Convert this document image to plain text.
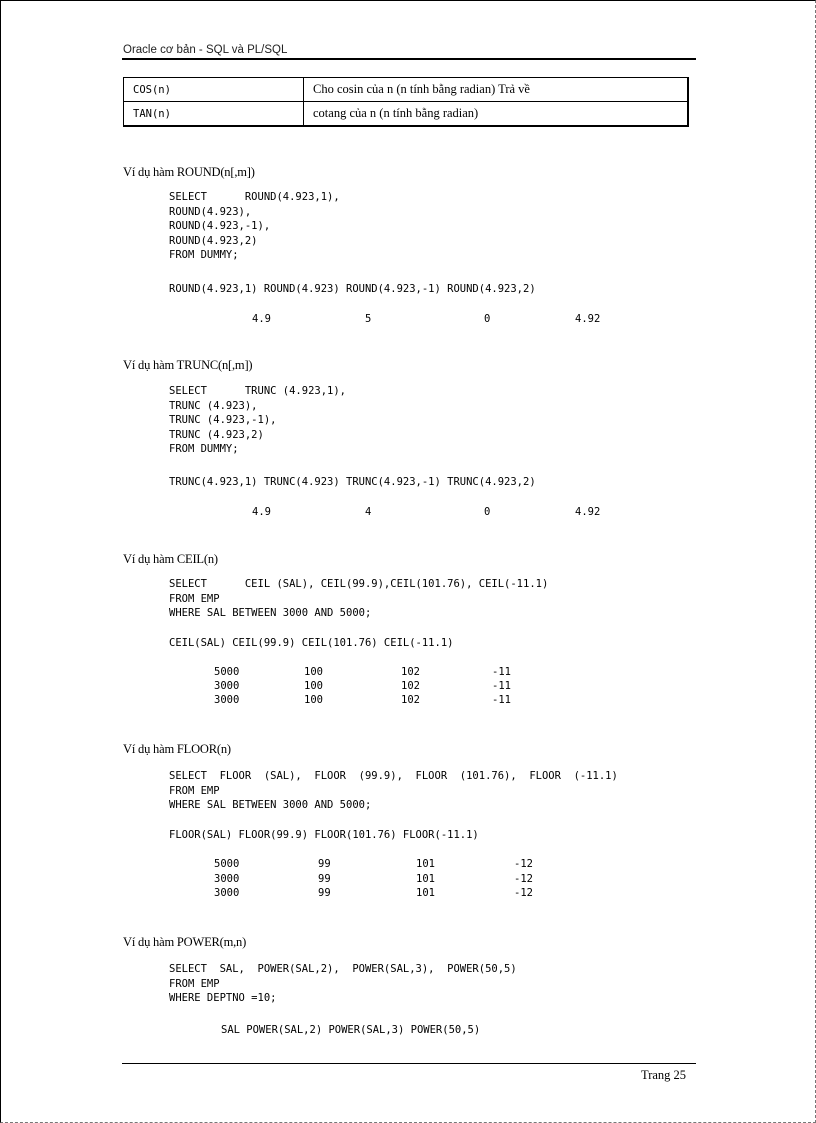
Oracle cơ bản - SQL và PL/SQL
COS(n)	Cho cosin của n (n tính bằng radian) Trả về
TAN(n)	cotang của n (n tính bằng radian)
Ví dụ hàm ROUND(n[,m])
SELECT      ROUND(4.923,1),
ROUND(4.923),
ROUND(4.923,-1),
ROUND(4.923,2)
FROM DUMMY;
ROUND(4.923,1) ROUND(4.923) ROUND(4.923,-1) ROUND(4.923,2)
4.9	5	0	4.92
Ví dụ hàm TRUNC(n[,m])
SELECT      TRUNC (4.923,1),
TRUNC (4.923),
TRUNC (4.923,-1),
TRUNC (4.923,2)
FROM DUMMY;
TRUNC(4.923,1) TRUNC(4.923) TRUNC(4.923,-1) TRUNC(4.923,2)
4.9	4	0	4.92
Ví dụ hàm CEIL(n)
SELECT      CEIL (SAL), CEIL(99.9),CEIL(101.76), CEIL(-11.1)
FROM EMP
WHERE SAL BETWEEN 3000 AND 5000;
CEIL(SAL) CEIL(99.9) CEIL(101.76) CEIL(-11.1)
5000	100	102	-11
3000	100	102	-11
3000	100	102	-11
Ví dụ hàm FLOOR(n)
SELECT  FLOOR  (SAL),  FLOOR  (99.9),  FLOOR  (101.76),  FLOOR  (-11.1)
FROM EMP
WHERE SAL BETWEEN 3000 AND 5000;
FLOOR(SAL) FLOOR(99.9) FLOOR(101.76) FLOOR(-11.1)
5000	99	101	-12
3000	99	101	-12
3000	99	101	-12
Ví dụ hàm POWER(m,n)
SELECT  SAL,  POWER(SAL,2),  POWER(SAL,3),  POWER(50,5)
FROM EMP
WHERE DEPTNO =10;
SAL POWER(SAL,2) POWER(SAL,3) POWER(50,5)
Trang 25
